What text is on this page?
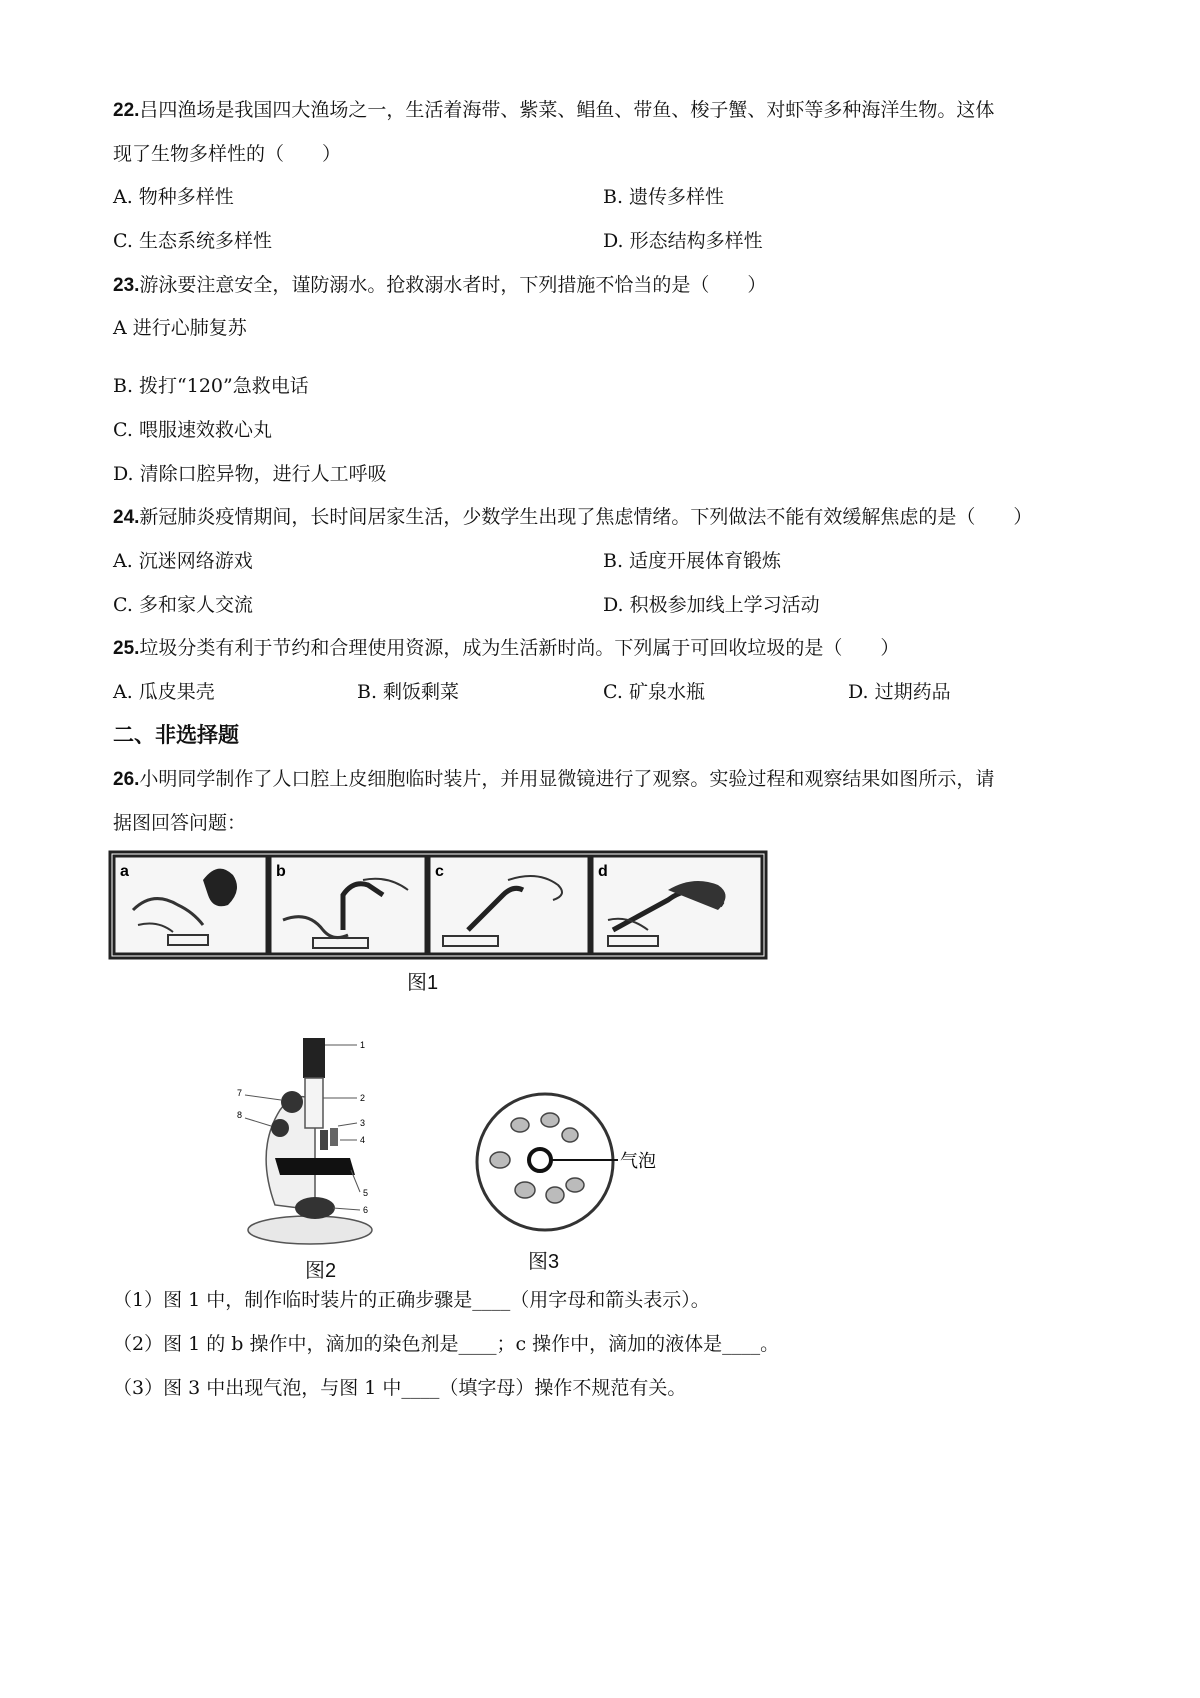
22.吕四渔场是我国四大渔场之一，生活着海带、紫菜、鲳鱼、带鱼、梭子蟹、对虾等多种海洋生物。这体
现了生物多样性的（　　）
A. 物种多样性	B. 遗传多样性
C. 生态系统多样性	D. 形态结构多样性
23.游泳要注意安全，谨防溺水。抢救溺水者时，下列措施不恰当的是（　　）
A 进行心肺复苏
B. 拨打“120”急救电话
C. 喂服速效救心丸
D. 清除口腔异物，进行人工呼吸
24.新冠肺炎疫情期间，长时间居家生活，少数学生出现了焦虑情绪。下列做法不能有效缓解焦虑的是（　　）
A. 沉迷网络游戏	B. 适度开展体育锻炼
C. 多和家人交流	D. 积极参加线上学习活动
25.垃圾分类有利于节约和合理使用资源，成为生活新时尚。下列属于可回收垃圾的是（　　）
A. 瓜皮果壳	B. 剩饭剩菜	C. 矿泉水瓶	D. 过期药品
二、非选择题
26.小明同学制作了人口腔上皮细胞临时装片，并用显微镜进行了观察。实验过程和观察结果如图所示，请
据图回答问题：
a	b	c	d
图1
1
2
3
4
5
6
7
8
图2
气泡
图3
（1）图 1 中，制作临时装片的正确步骤是____（用字母和箭头表示）。
（2）图 1 的 b 操作中，滴加的染色剂是____；c 操作中，滴加的液体是____。
（3）图 3 中出现气泡，与图 1 中____（填字母）操作不规范有关。
